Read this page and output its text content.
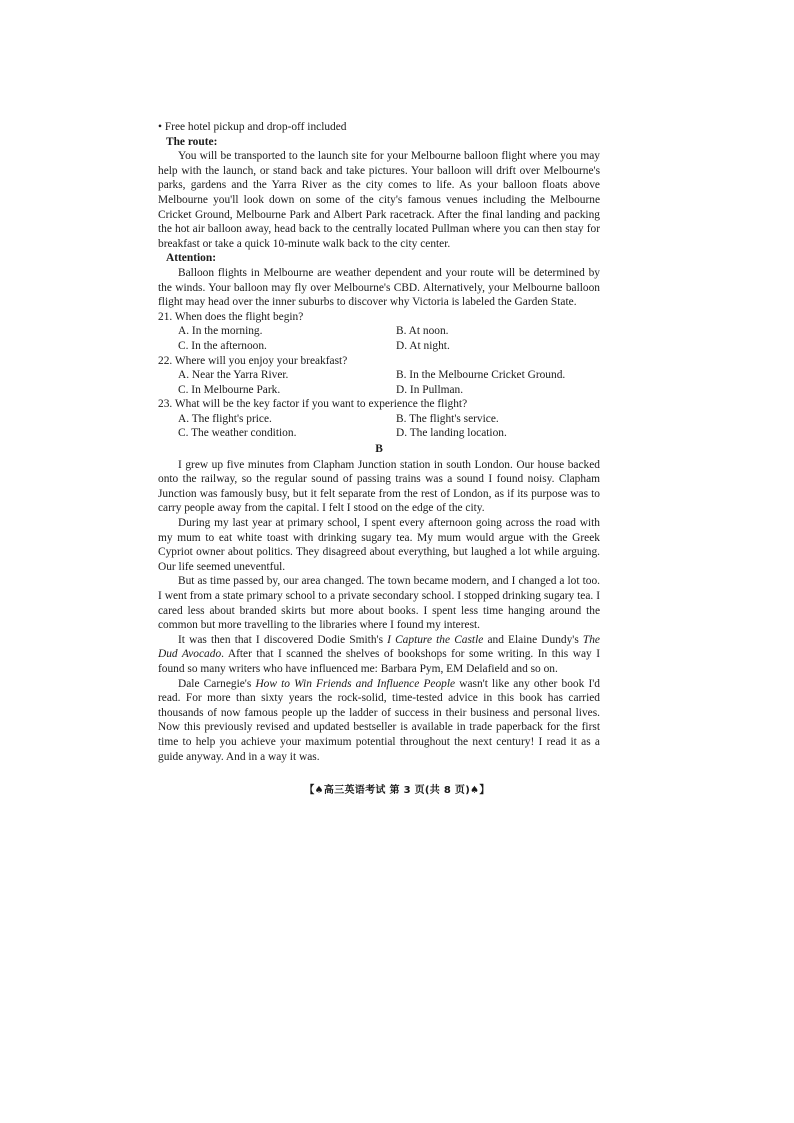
• Free hotel pickup and drop-off included

The route:

You will be transported to the launch site for your Melbourne balloon flight where you may help with the launch, or stand back and take pictures. Your balloon will drift over Melbourne's parks, gardens and the Yarra River as the city comes to life. As your balloon floats above Melbourne you'll look down on some of the city's famous venues including the Melbourne Cricket Ground, Melbourne Park and Albert Park racetrack. After the final landing and packing the hot air balloon away, head back to the centrally located Pullman where you can then stay for breakfast or take a quick 10-minute walk back to the city center.

Attention:

Balloon flights in Melbourne are weather dependent and your route will be determined by the winds. Your balloon may fly over Melbourne's CBD. Alternatively, your Melbourne balloon flight may head over the inner suburbs to discover why Victoria is labeled the Garden State.

21. When does the flight begin?

A. In the morning.	B. At noon.
C. In the afternoon.	D. At night.

22. Where will you enjoy your breakfast?

A. Near the Yarra River.	B. In the Melbourne Cricket Ground.
C. In Melbourne Park.	D. In Pullman.

23. What will be the key factor if you want to experience the flight?

A. The flight's price.	B. The flight's service.
C. The weather condition.	D. The landing location.

B

I grew up five minutes from Clapham Junction station in south London. Our house backed onto the railway, so the regular sound of passing trains was a sound I found noisy. Clapham Junction was famously busy, but it felt separate from the rest of London, as if its purpose was to carry people away from the capital. I felt I stood on the edge of the city.

During my last year at primary school, I spent every afternoon going across the road with my mum to eat white toast with drinking sugary tea. My mum would argue with the Greek Cypriot owner about politics. They disagreed about everything, but laughed a lot while arguing. Our life seemed uneventful.

But as time passed by, our area changed. The town became modern, and I changed a lot too. I went from a state primary school to a private secondary school. I stopped drinking sugary tea. I cared less about branded skirts but more about books. I spent less time hanging around the common but more travelling to the libraries where I found my interest.

It was then that I discovered Dodie Smith's I Capture the Castle and Elaine Dundy's The Dud Avocado. After that I scanned the shelves of bookshops for some writing. In this way I found so many writers who have influenced me: Barbara Pym, EM Delafield and so on.

Dale Carnegie's How to Win Friends and Influence People wasn't like any other book I'd read. For more than sixty years the rock-solid, time-tested advice in this book has carried thousands of now famous people up the ladder of success in their business and personal lives. Now this previously revised and updated bestseller is available in trade paperback for the first time to help you achieve your maximum potential throughout the next century! I read it as a guide anyway. And in a way it was.

【♠高三英语考试 第 3 页(共 8 页)♠】
